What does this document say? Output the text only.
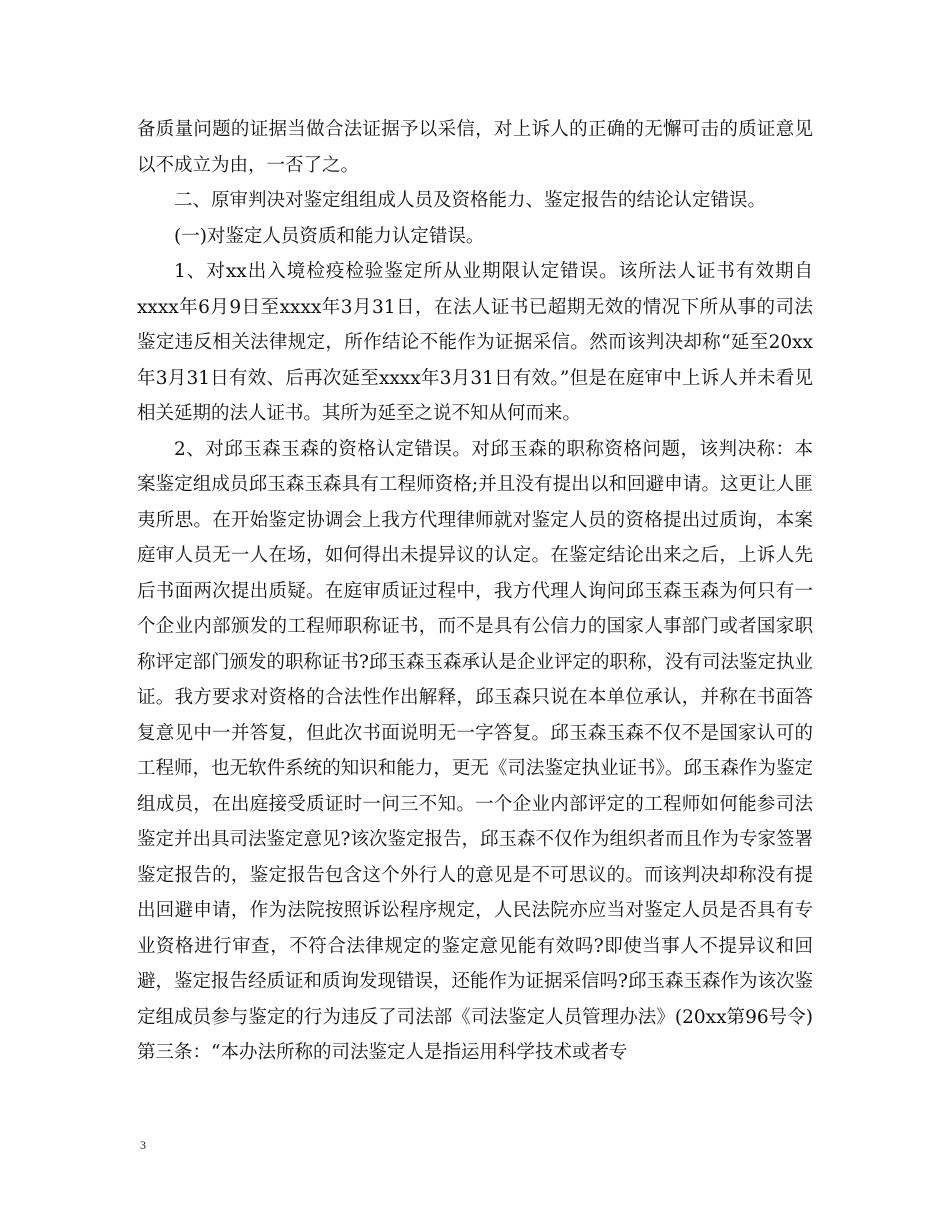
备质量问题的证据当做合法证据予以采信，对上诉人的正确的无懈可击的质证意见以不成立为由，一否了之。

二、原审判决对鉴定组组成人员及资格能力、鉴定报告的结论认定错误。

(一)对鉴定人员资质和能力认定错误。

1、对xx出入境检疫检验鉴定所从业期限认定错误。该所法人证书有效期自xxxx年6月9日至xxxx年3月31日，在法人证书已超期无效的情况下所从事的司法鉴定违反相关法律规定，所作结论不能作为证据采信。然而该判决却称“延至20xx年3月31日有效、后再次延至xxxx年3月31日有效。”但是在庭审中上诉人并未看见相关延期的法人证书。其所为延至之说不知从何而来。

2、对邱玉森玉森的资格认定错误。对邱玉森的职称资格问题，该判决称：本案鉴定组成员邱玉森玉森具有工程师资格;并且没有提出以和回避申请。这更让人匪夷所思。在开始鉴定协调会上我方代理律师就对鉴定人员的资格提出过质询，本案庭审人员无一人在场，如何得出未提异议的认定。在鉴定结论出来之后，上诉人先后书面两次提出质疑。在庭审质证过程中，我方代理人询问邱玉森玉森为何只有一个企业内部颁发的工程师职称证书，而不是具有公信力的国家人事部门或者国家职称评定部门颁发的职称证书?邱玉森玉森承认是企业评定的职称，没有司法鉴定执业证。我方要求对资格的合法性作出解释，邱玉森只说在本单位承认，并称在书面答复意见中一并答复，但此次书面说明无一字答复。邱玉森玉森不仅不是国家认可的工程师，也无软件系统的知识和能力，更无《司法鉴定执业证书》。邱玉森作为鉴定组成员，在出庭接受质证时一问三不知。一个企业内部评定的工程师如何能参司法鉴定并出具司法鉴定意见?该次鉴定报告，邱玉森不仅作为组织者而且作为专家签署鉴定报告的，鉴定报告包含这个外行人的意见是不可思议的。而该判决却称没有提出回避申请，作为法院按照诉讼程序规定，人民法院亦应当对鉴定人员是否具有专业资格进行审查，不符合法律规定的鉴定意见能有效吗?即使当事人不提异议和回避，鉴定报告经质证和质询发现错误，还能作为证据采信吗?邱玉森玉森作为该次鉴定组成员参与鉴定的行为违反了司法部《司法鉴定人员管理办法》(20xx第96号令)第三条：“本办法所称的司法鉴定人是指运用科学技术或者专

3
